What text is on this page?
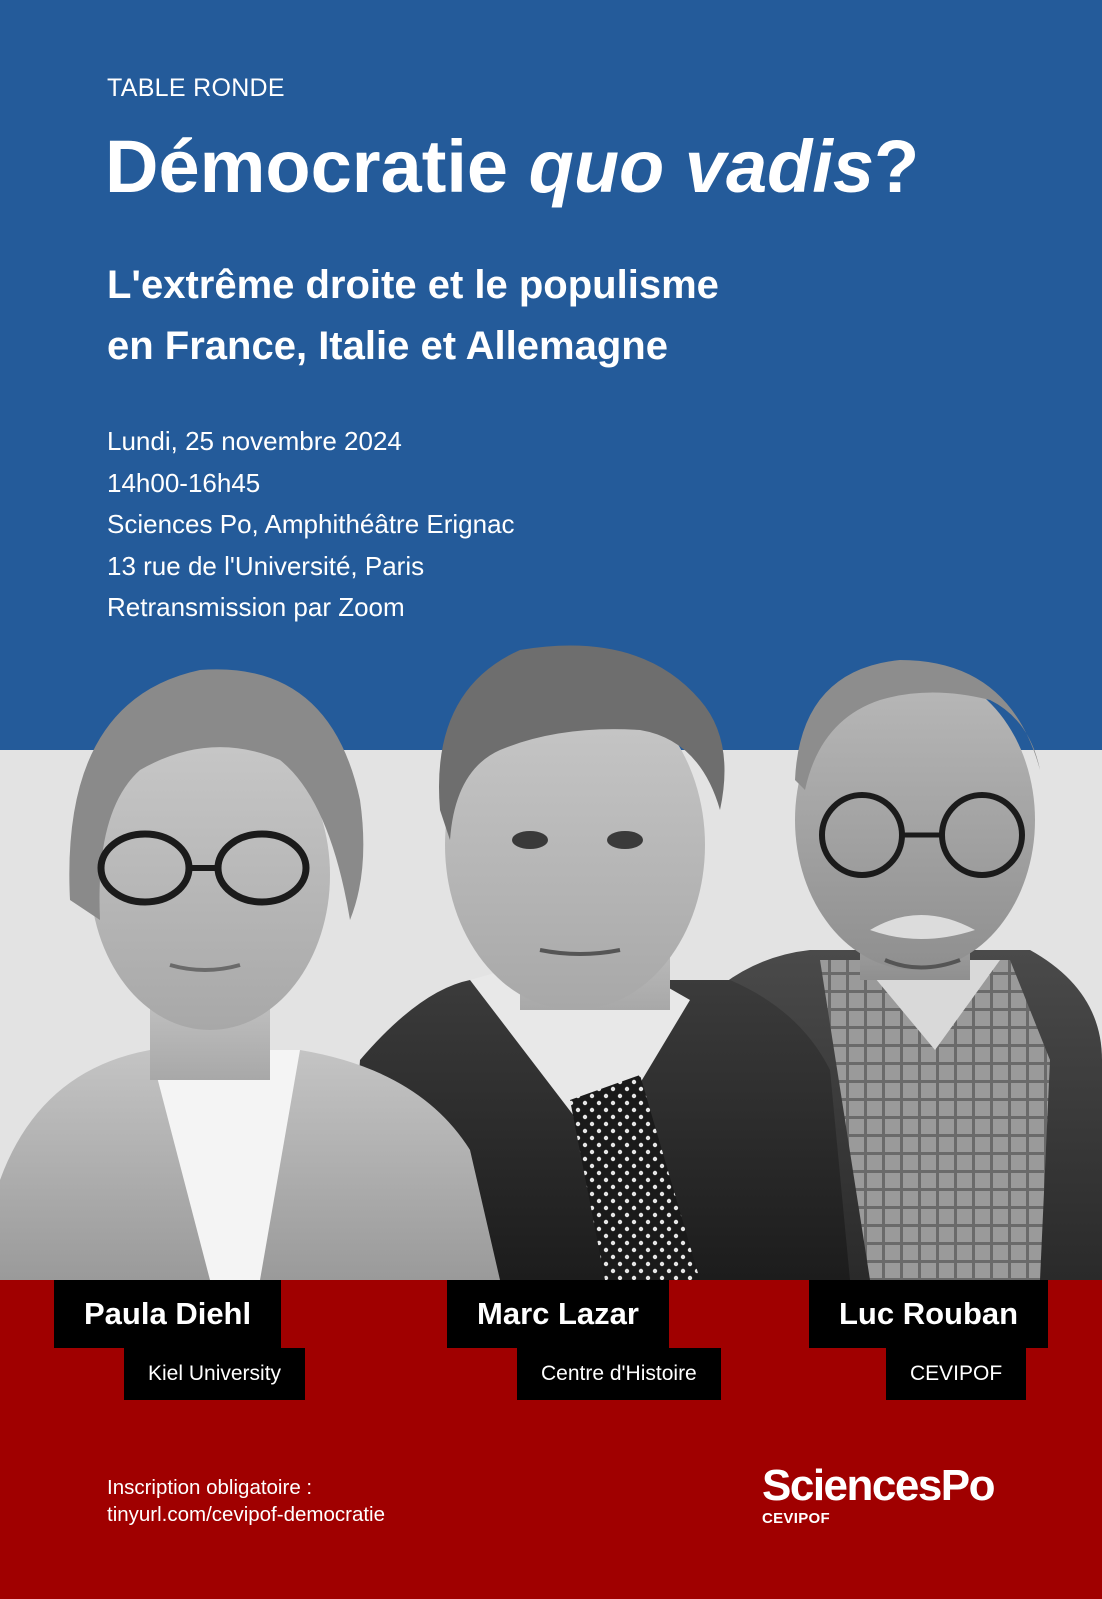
TABLE RONDE
Démocratie quo vadis?
L'extrême droite et le populisme
en France, Italie et Allemagne
Lundi, 25 novembre 2024
14h00-16h45
Sciences Po, Amphithéâtre Erignac
13 rue de l'Université, Paris
Retransmission par Zoom
Paula Diehl
Kiel University
Marc Lazar
Centre d'Histoire
Luc Rouban
CEVIPOF
Inscription obligatoire :
tinyurl.com/cevipof-democratie
SciencesPo
CEVIPOF
